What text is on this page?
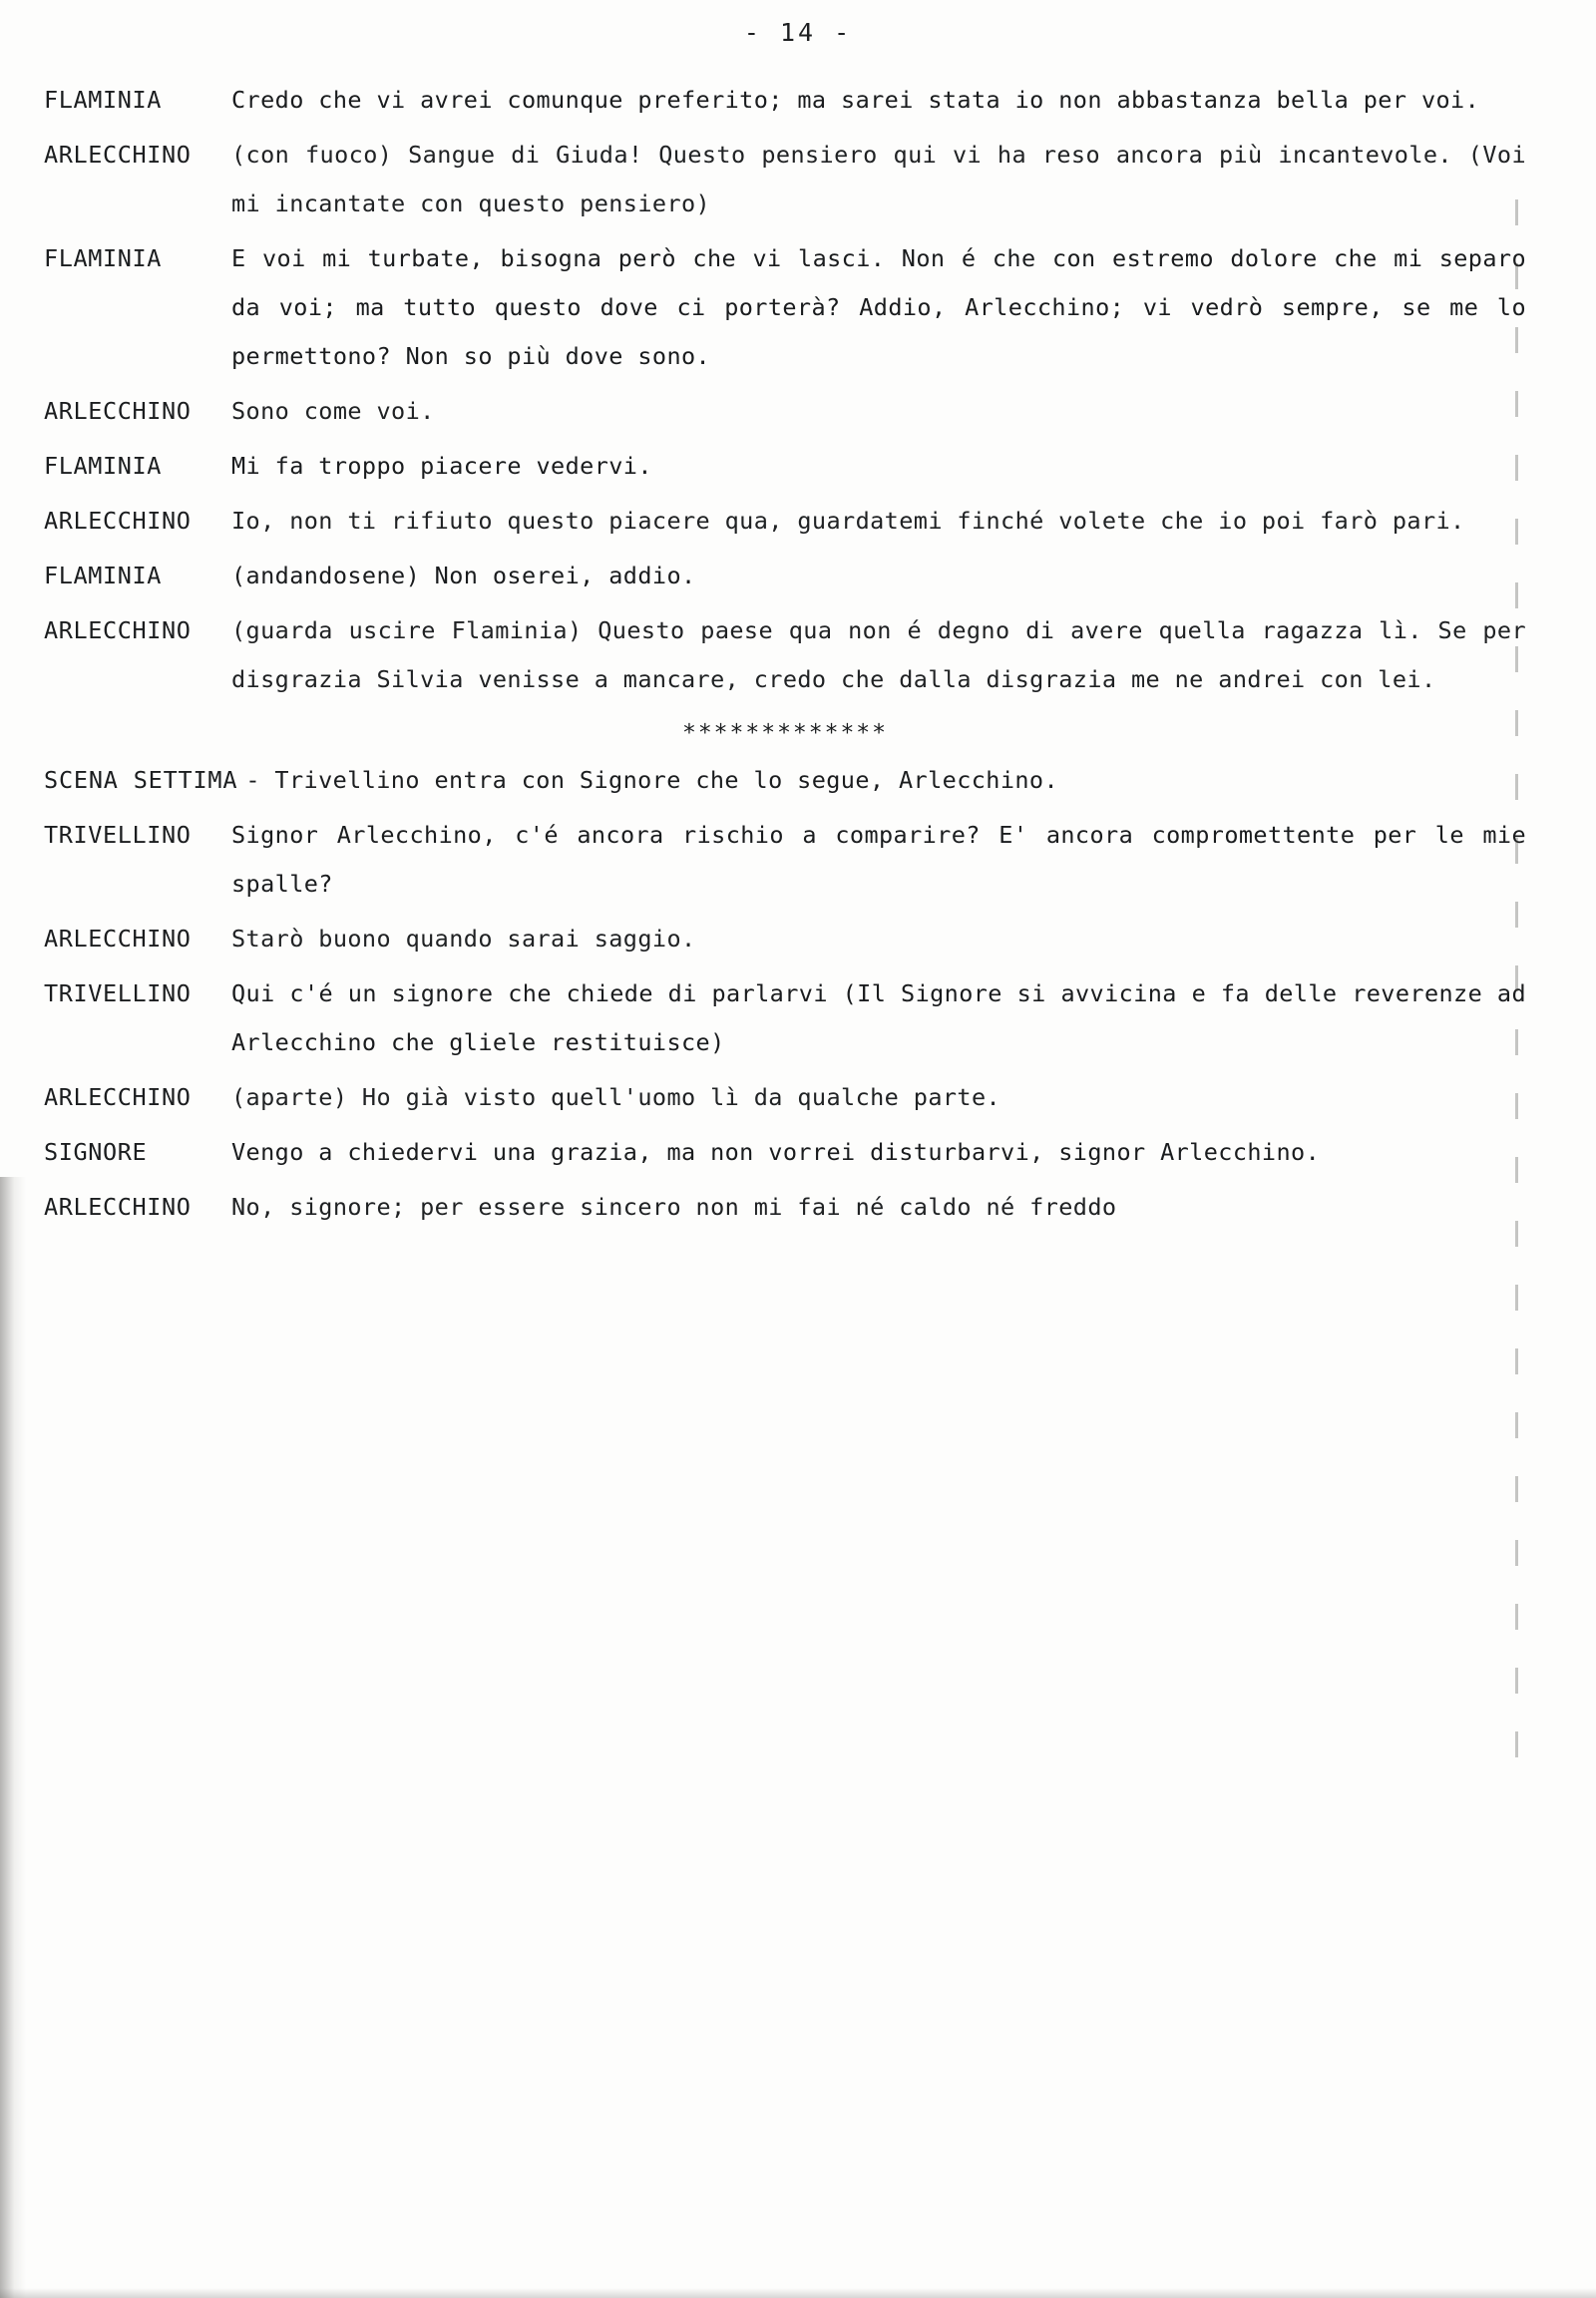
- 14 -
FLAMINIA	Credo che vi avrei comunque preferito; ma sarei stata io non abbastanza bella per voi.
ARLECCHINO	(con fuoco) Sangue di Giuda! Questo pensiero qui vi ha reso ancora più incantevole. (Voi mi incantate con questo pensiero)
FLAMINIA	E voi mi turbate, bisogna però che vi lasci. Non é che con estremo dolore che mi separo da voi; ma tutto questo dove ci porterà? Addio, Arlecchino; vi vedrò sempre, se me lo permettono? Non so più dove sono.
ARLECCHINO	Sono come voi.
FLAMINIA	Mi fa troppo piacere vedervi.
ARLECCHINO	Io, non ti rifiuto questo piacere qua, guardatemi finché volete che io poi farò pari.
FLAMINIA	(andandosene) Non oserei, addio.
ARLECCHINO	(guarda uscire Flaminia) Questo paese qua non é degno di avere quella ragazza lì. Se per disgrazia Silvia venisse a mancare, credo che dalla disgrazia me ne andrei con lei.
*************
SCENA SETTIMA - Trivellino entra con Signore che lo segue, Arlecchino.
TRIVELLINO	Signor Arlecchino, c'é ancora rischio a comparire? E' ancora compromettente per le mie spalle?
ARLECCHINO	Starò buono quando sarai saggio.
TRIVELLINO	Qui c'é un signore che chiede di parlarvi (Il Signore si avvicina e fa delle reverenze ad Arlecchino che gliele restituisce)
ARLECCHINO	(aparte) Ho già visto quell'uomo lì da qualche parte.
SIGNORE	Vengo a chiedervi una grazia, ma non vorrei disturbarvi, signor Arlecchino.
ARLECCHINO	No, signore; per essere sincero non mi fai né caldo né freddo
